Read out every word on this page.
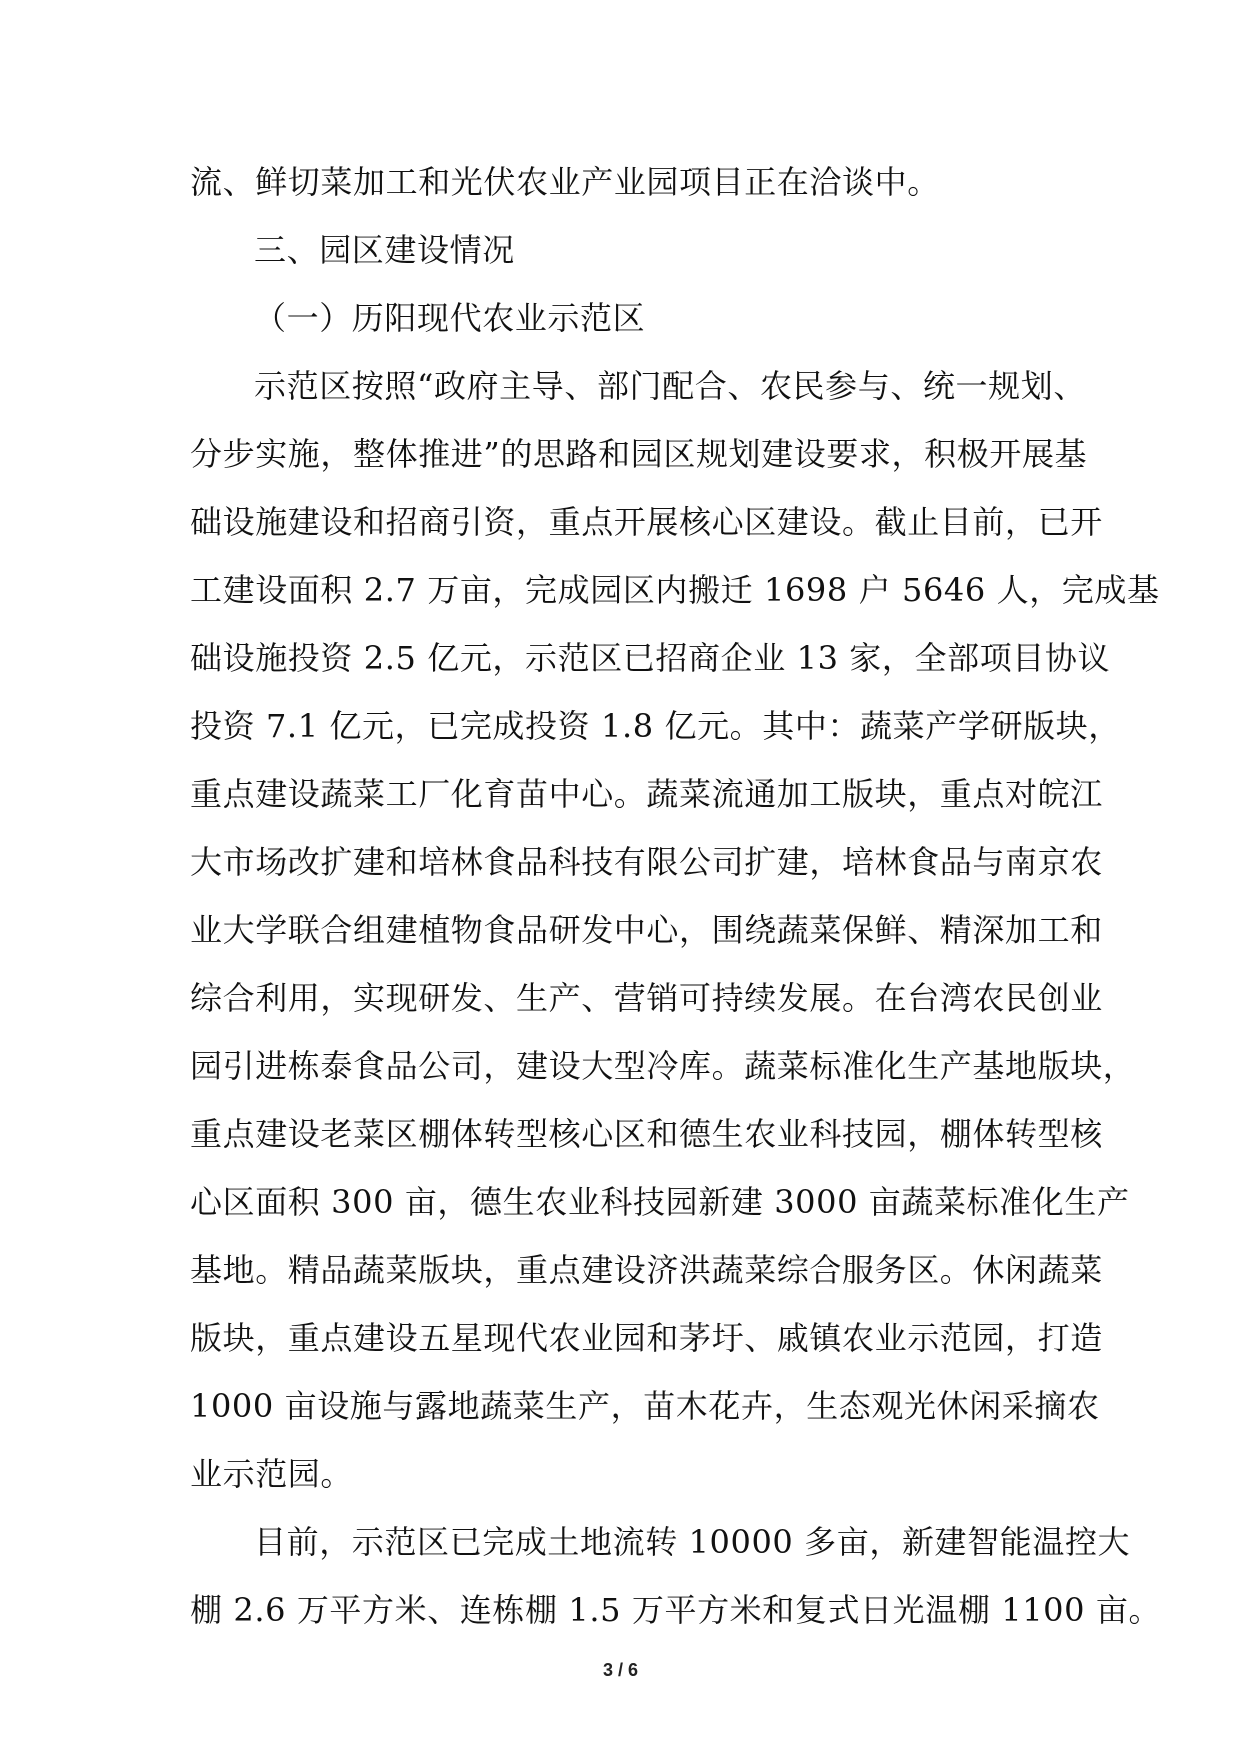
流、鲜切菜加工和光伏农业产业园项目正在洽谈中。
三、园区建设情况
（一）历阳现代农业示范区
示范区按照“政府主导、部门配合、农民参与、统一规划、
分步实施，整体推进”的思路和园区规划建设要求，积极开展基
础设施建设和招商引资，重点开展核心区建设。截止目前，已开
工建设面积 2.7 万亩，完成园区内搬迁 1698 户 5646 人，完成基
础设施投资 2.5 亿元，示范区已招商企业 13 家，全部项目协议
投资 7.1 亿元，已完成投资 1.8 亿元。其中：蔬菜产学研版块，
重点建设蔬菜工厂化育苗中心。蔬菜流通加工版块，重点对皖江
大市场改扩建和培林食品科技有限公司扩建，培林食品与南京农
业大学联合组建植物食品研发中心，围绕蔬菜保鲜、精深加工和
综合利用，实现研发、生产、营销可持续发展。在台湾农民创业
园引进栋泰食品公司，建设大型冷库。蔬菜标准化生产基地版块，
重点建设老菜区棚体转型核心区和德生农业科技园，棚体转型核
心区面积 300 亩，德生农业科技园新建 3000 亩蔬菜标准化生产
基地。精品蔬菜版块，重点建设济洪蔬菜综合服务区。休闲蔬菜
版块，重点建设五星现代农业园和茅圩、戚镇农业示范园，打造
1000 亩设施与露地蔬菜生产，苗木花卉，生态观光休闲采摘农
业示范园。
目前，示范区已完成土地流转 10000 多亩，新建智能温控大
棚 2.6 万平方米、连栋棚 1.5 万平方米和复式日光温棚 1100 亩。
3 / 6
